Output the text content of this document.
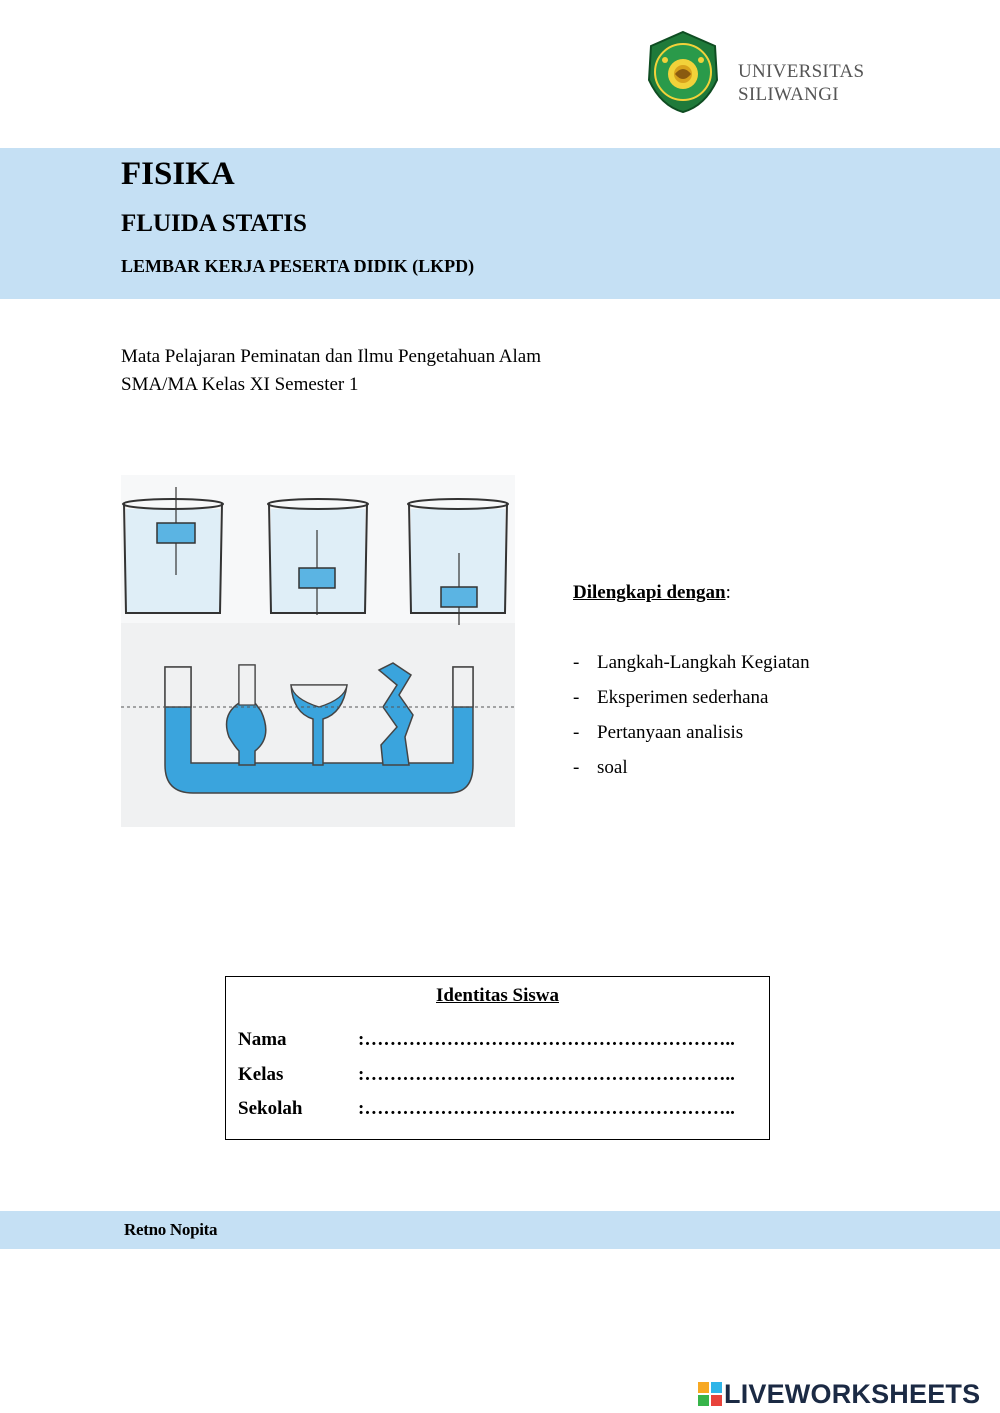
UNIVERSITAS
SILIWANGI
FISIKA
FLUIDA STATIS
LEMBAR KERJA PESERTA DIDIK (LKPD)
Mata Pelajaran Peminatan dan Ilmu Pengetahuan Alam
SMA/MA Kelas XI Semester 1
Dilengkapi dengan:
- Langkah-Langkah Kegiatan
- Eksperimen sederhana
- Pertanyaan analisis
- soal
Identitas Siswa
Nama	:…………………………………………………..
Kelas	:…………………………………………………..
Sekolah	:…………………………………………………..
Retno Nopita
LIVEWORKSHEETS
